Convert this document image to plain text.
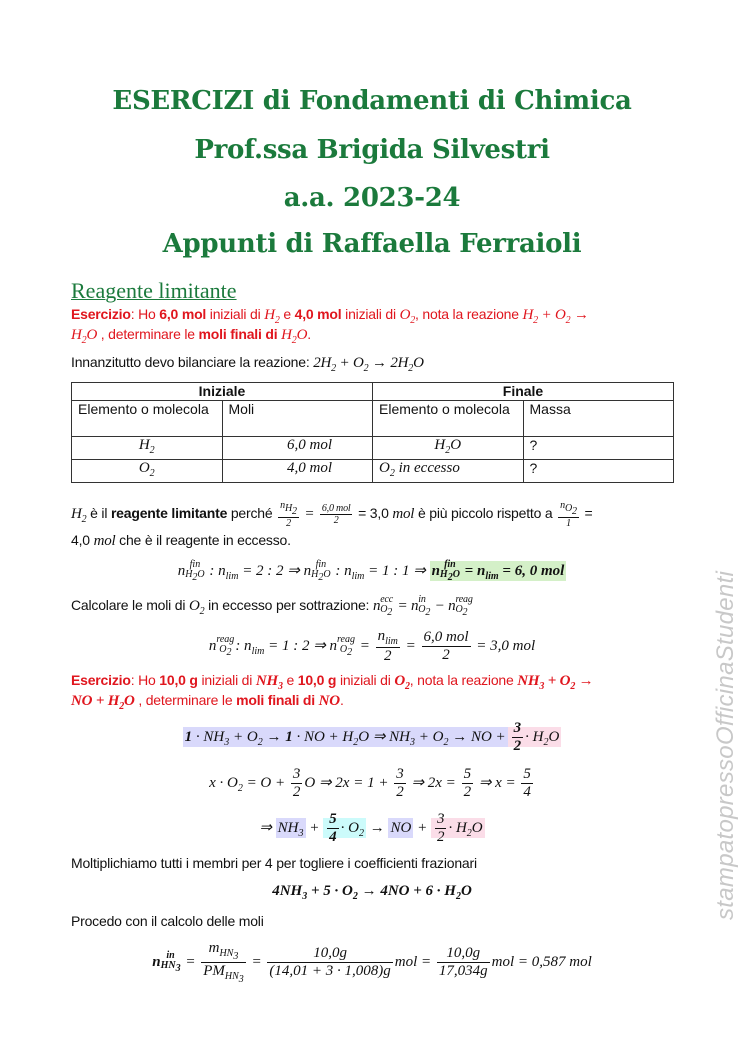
ESERCIZI di Fondamenti di Chimica
Prof.ssa Brigida Silvestri
a.a. 2023-24
Appunti di Raffaella Ferraioli
Reagente limitante
Esercizio: Ho 6,0 mol iniziali di $H_2$ e 4,0 mol iniziali di $O_2$, nota la reazione $H_2 + O_2$ →
$H_2O$ , determinare le moli finali di $H_2O$.
Innanzitutto devo bilanciare la reazione: $2H_2 + O_2 \to 2H_2O$
Iniziale		Finale	
Elemento o molecola	Moli	Elemento o molecola	Massa
$H_2$	6,0 mol	$H_2O$	?
$O_2$	4,0 mol	$O_2$ in eccesso	?
$H_2$ è il reagente limitante perché $\frac{n_{H_2}}{2} = 6,0$ mol
2	= 3,0 mol è più piccolo rispetto a $\frac{n_{O_2}}{1}$ =
4,0 mol che è il reagente in eccesso.
n fin
$H_2O$ : $n_{lim} = 2$ : 2 ⇒ n fin
$H_2O$ : $n_{lim} = 1$ : 1 ⇒ n fin
$H_2O = n_{lim} = 6$, 0 mol
Calcolare le moli di $O_2$ in eccesso per sottrazione: n ecc
$O_2 = n$ in
$O_2 - n$ reag
$O_2$
n reag
$O_2$ : $n_{lim} = 1$ : 2 ⇒ n reag
$O_2 = \frac{n_{lim}}{2}$ =
6,0 mol
2
= 3,0 mol
Esercizio: Ho 10,0 g iniziali di $NH_3$ e 10,0 g iniziali di $O_2$, nota la reazione $NH_3 + O_2$ →
NO + $H_2O$ , determinare le moli finali di NO.
$1 \cdot NH_3 + O_2 \to 1$ · NO + $H_2O$ ⇒ $NH_3 + O_2$ → NO + $\frac{3}{2} \cdot H_2O$
$x \cdot O_2 = O + \frac{3}{2}$ O ⇒ $2x = 1 + \frac{3}{2}$ ⇒ $2x = \frac{5}{2}$ ⇒ $x = \frac{5}{4}$
⇒ $NH_3 + \frac{5}{4} \cdot O_2$ → NO + $\frac{3}{2} \cdot H_2O$
Moltiplichiamo tutti i membri per 4 per togliere i coefficienti frazionari
$4NH_3 + 5 \cdot O_2 \to 4NO + 6 \cdot H_2O$
Procedo con il calcolo delle moli
n in
$HN_3$ =
$m_{HN_3}$
$PM_{HN_3}$
= $\frac{10,0g}{(14,01 + 3 \cdot 1,008)g}$ mol = $\frac{10,0g}{17,034g}$ mol = 0,587 mol
stampatopressoOfficinaStudenti
